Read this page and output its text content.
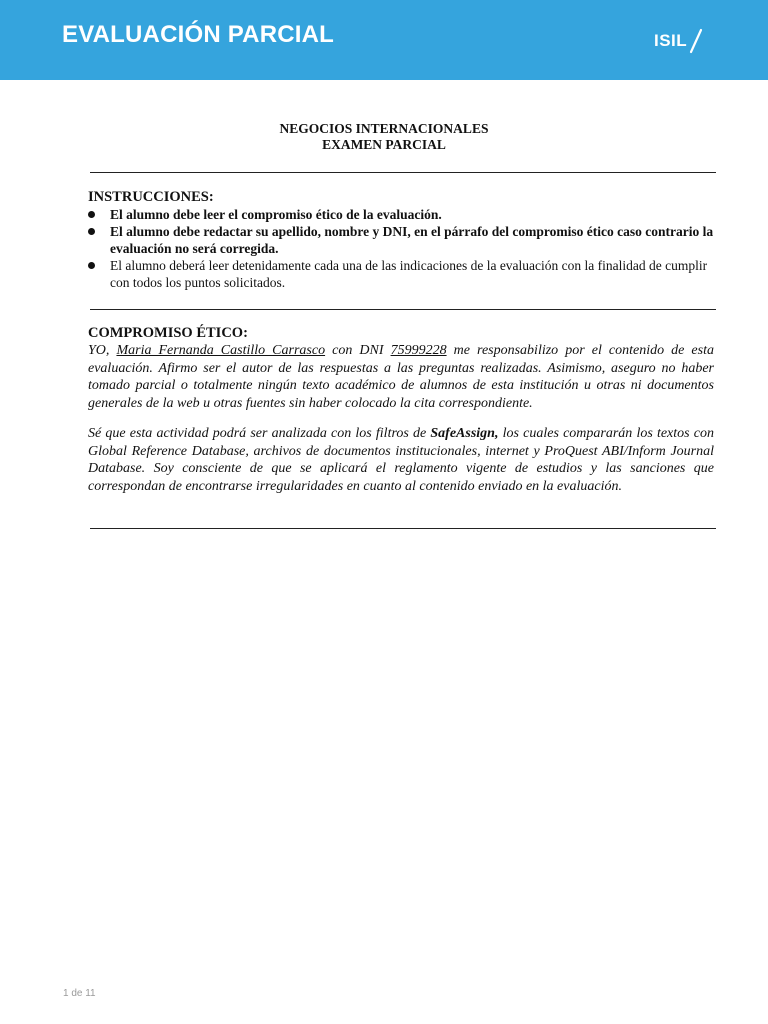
EVALUACIÓN PARCIAL	ISIL
NEGOCIOS INTERNACIONALES
EXAMEN PARCIAL
INSTRUCCIONES:
El alumno debe leer el compromiso ético de la evaluación.
El alumno debe redactar su apellido, nombre y DNI, en el párrafo del compromiso ético caso contrario la evaluación no será corregida.
El alumno deberá leer detenidamente cada una de las indicaciones de la evaluación con la finalidad de cumplir con todos los puntos solicitados.
COMPROMISO ÉTICO:

YO, Maria Fernanda Castillo Carrasco con DNI 75999228 me responsabilizo por el contenido de esta evaluación. Afirmo ser el autor de las respuestas a las preguntas realizadas. Asimismo, aseguro no haber tomado parcial o totalmente ningún texto académico de alumnos de esta institución u otras ni documentos generales de la web u otras fuentes sin haber colocado la cita correspondiente.

Sé que esta actividad podrá ser analizada con los filtros de SafeAssign, los cuales compararán los textos con Global Reference Database, archivos de documentos institucionales, internet y ProQuest ABI/Inform Journal Database. Soy consciente de que se aplicará el reglamento vigente de estudios y las sanciones que correspondan de encontrarse irregularidades en cuanto al contenido enviado en la evaluación.

1 de 11
